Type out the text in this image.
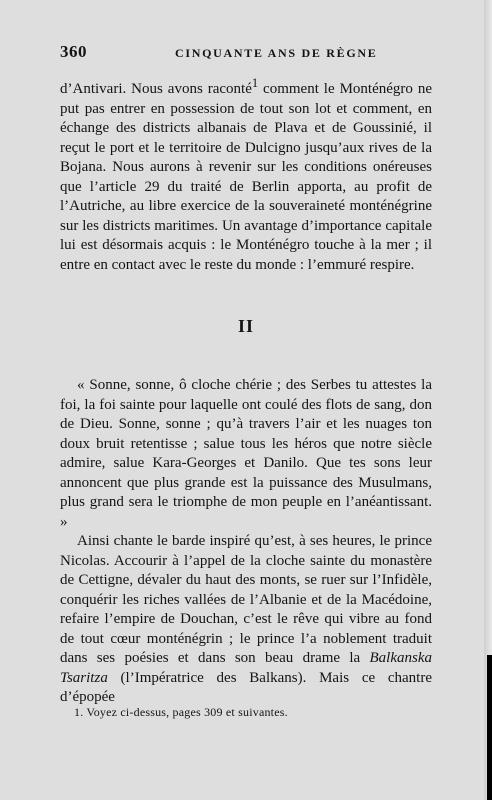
360	CINQUANTE ANS DE RÈGNE

d’Antivari. Nous avons raconté$^1$ comment le Monténégro ne put pas entrer en possession de tout son lot et comment, en échange des districts albanais de Plava et de Goussinié, il reçut le port et le territoire de Dulcigno jusqu’aux rives de la Bojana. Nous aurons à revenir sur les conditions onéreuses que l’article 29 du traité de Berlin apporta, au profit de l’Autriche, au libre exercice de la souveraineté monténégrine sur les districts maritimes. Un avantage d’importance capitale lui est désormais acquis : le Monténégro touche à la mer ; il entre en contact avec le reste du monde : l’emmuré respire.

II

« Sonne, sonne, ô cloche chérie ; des Serbes tu attestes la foi, la foi sainte pour laquelle ont coulé des flots de sang, don de Dieu. Sonne, sonne ; qu’à travers l’air et les nuages ton doux bruit retentisse ; salue tous les héros que notre siècle admire, salue Kara-Georges et Danilo. Que tes sons leur annoncent que plus grande est la puissance des Musulmans, plus grand sera le triomphe de mon peuple en l’anéantissant. »

Ainsi chante le barde inspiré qu’est, à ses heures, le prince Nicolas. Accourir à l’appel de la cloche sainte du monastère de Cettigne, dévaler du haut des monts, se ruer sur l’Infidèle, conquérir les riches vallées de l’Albanie et de la Macédoine, refaire l’empire de Douchan, c’est le rêve qui vibre au fond de tout cœur monténégrin ; le prince l’a noblement traduit dans ses poésies et dans son beau drame la Balkanska Tsaritza (l’Impératrice des Balkans). Mais ce chantre d’épopée

1. Voyez ci-dessus, pages 309 et suivantes.
